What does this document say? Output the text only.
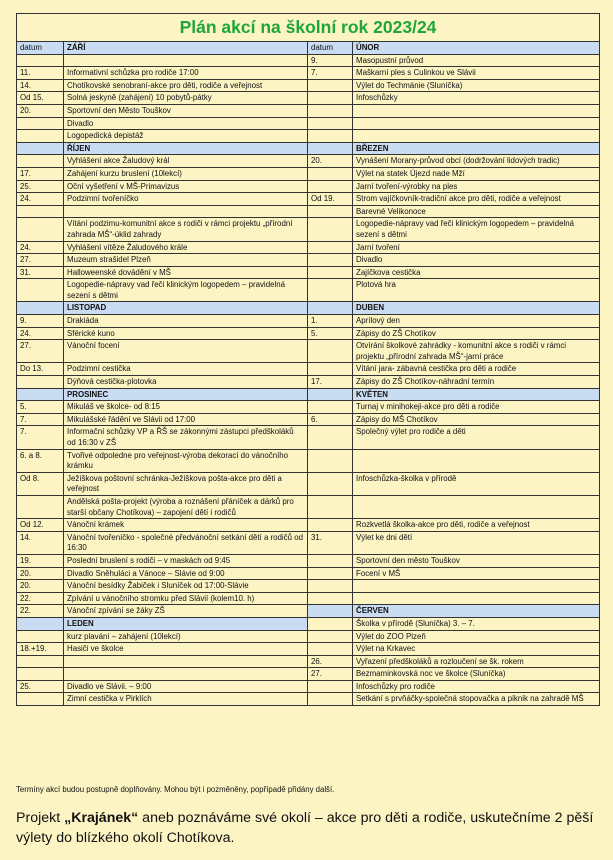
Plán akcí na školní rok 2023/24			
datum	ZÁŘÍ	datum	ÚNOR
		9.	Masopustní průvod
11.	Informativní schůzka pro rodiče 17:00	7.	Maškarní ples s Culinkou ve Slávii
14.	Chotíkovské senobraní-akce pro děti, rodiče a veřejnost		Výlet do Techmánie (Sluníčka)
Od 15.	Solná jeskyně (zahájení) 10 pobytů-pátky		Infoschůzky
20.	Sportovní den Město Touškov		
	Divadlo		
	Logopedická depistáž		
	ŘÍJEN		BŘEZEN
	Vyhlášení akce Žaludový král	20.	Vynášení Morany-průvod obcí (dodržování lidových tradic)
17.	Zahájení kurzu bruslení (10lekcí)		Výlet na statek Újezd nade Mží
25.	Oční vyšetření v MŠ-Primavizus		Jarní tvoření-výrobky na ples
24.	Podzimní tvořeníčko	Od 19.	Strom vajíčkovník-tradiční akce pro děti, rodiče a veřejnost
			Barevné Velikonoce
	Vítání podzimu-komunitní akce s rodiči v rámci projektu „přírodní zahrada MŠ“-úklid zahrady		Logopedie-nápravy vad řeči klinickým logopedem – pravidelná sezení s dětmi
24.	Vyhlášení vítěze Žaludového krále		Jarní tvoření
27.	Muzeum strašidel Plzeň		Divadlo
31.	Halloweenské dovádění v MŠ		Zajíčkova cestička
	Logopedie-nápravy vad řeči klinickým logopedem – pravidelná sezení s dětmi		Plotová hra
	LISTOPAD		DUBEN
9.	Drakiáda	1.	Aprílový den
24.	Sférické kuno	5.	Zápisy do ZŠ Chotíkov
27.	Vánoční focení		Otvírání školkové zahrádky - komunitní akce s rodiči v rámci projektu „přírodní zahrada MŠ“-jarní práce
Do 13.	Podzimní cestička		Vítání jara- zábavná cestička pro děti a rodiče
	Dýňová cestička-plotovka	17.	Zápisy do ZŠ Chotíkov-náhradní termín
	PROSINEC		KVĚTEN
5.	Mikuláš ve školce- od 8:15		Turnaj v minihokeji-akce pro děti a rodiče
7.	Mikulášské řádění ve Slávii od 17:00	6.	Zápisy do MŠ Chotíkov
7.	Informační schůzky VP a ŘŠ se zákonnými zástupci předškoláků od 16:30 v ZŠ		Společný výlet pro rodiče a děti
6. a 8.	Tvořivé odpoledne pro veřejnost-výroba dekorací do vánočního krámku		
Od 8.	Ježíškova poštovní schránka-Ježíškova pošta-akce pro děti a veřejnost		Infoschůzka-školka v přírodě
	Andělská pošta-projekt (výroba a roznášení přáníček a dárků pro starší občany Chotíkova) – zapojení dětí i rodičů		
Od 12.	Vánoční krámek		Rozkvetlá školka-akce pro děti, rodiče a veřejnost
14.	Vánoční tvořeníčko - společné předvánoční setkání dětí a rodičů od 16:30	31.	Výlet ke dni dětí
19.	Poslední bruslení s rodiči – v maskách od 9:45		Sportovní den město Touškov
20.	Divadlo Sněhuláci a Vánoce – Slávie od 9:00		Focení v MŠ
20.	Vánoční besídky Žabiček i Sluníček od 17:00-Slávie		
22.	Zpívání u vánočního stromku před Slávií (kolem10. h)		
22.	Vánoční zpívání se žáky ZŠ		ČERVEN
	LEDEN		Školka v přírodě (Sluníčka) 3. – 7.
	kurz plavání – zahájení (10lekcí)		Výlet do ZOO Plzeň
18.+19.	Hasiči ve školce		Výlet na Krkavec
		26.	Vyřazení předškoláků a rozloučení se šk. rokem
		27.	Bezmaminkovská noc ve školce (Sluníčka)
25.	Divadlo ve Slávii. – 9:00		Infoschůzky pro rodiče
	Zimní cestička v Pirklích		Setkání s prvňáčky-společná stopovačka a piknik na zahradě MŠ
Termíny akcí budou postupně doplňovány. Mohou být i pozměněny, popřípadě přidány další.
Projekt „Krajánek“ aneb poznáváme své okolí – akce pro děti a rodiče, uskutečníme 2 pěší výlety do blízkého okolí Chotíkova.
